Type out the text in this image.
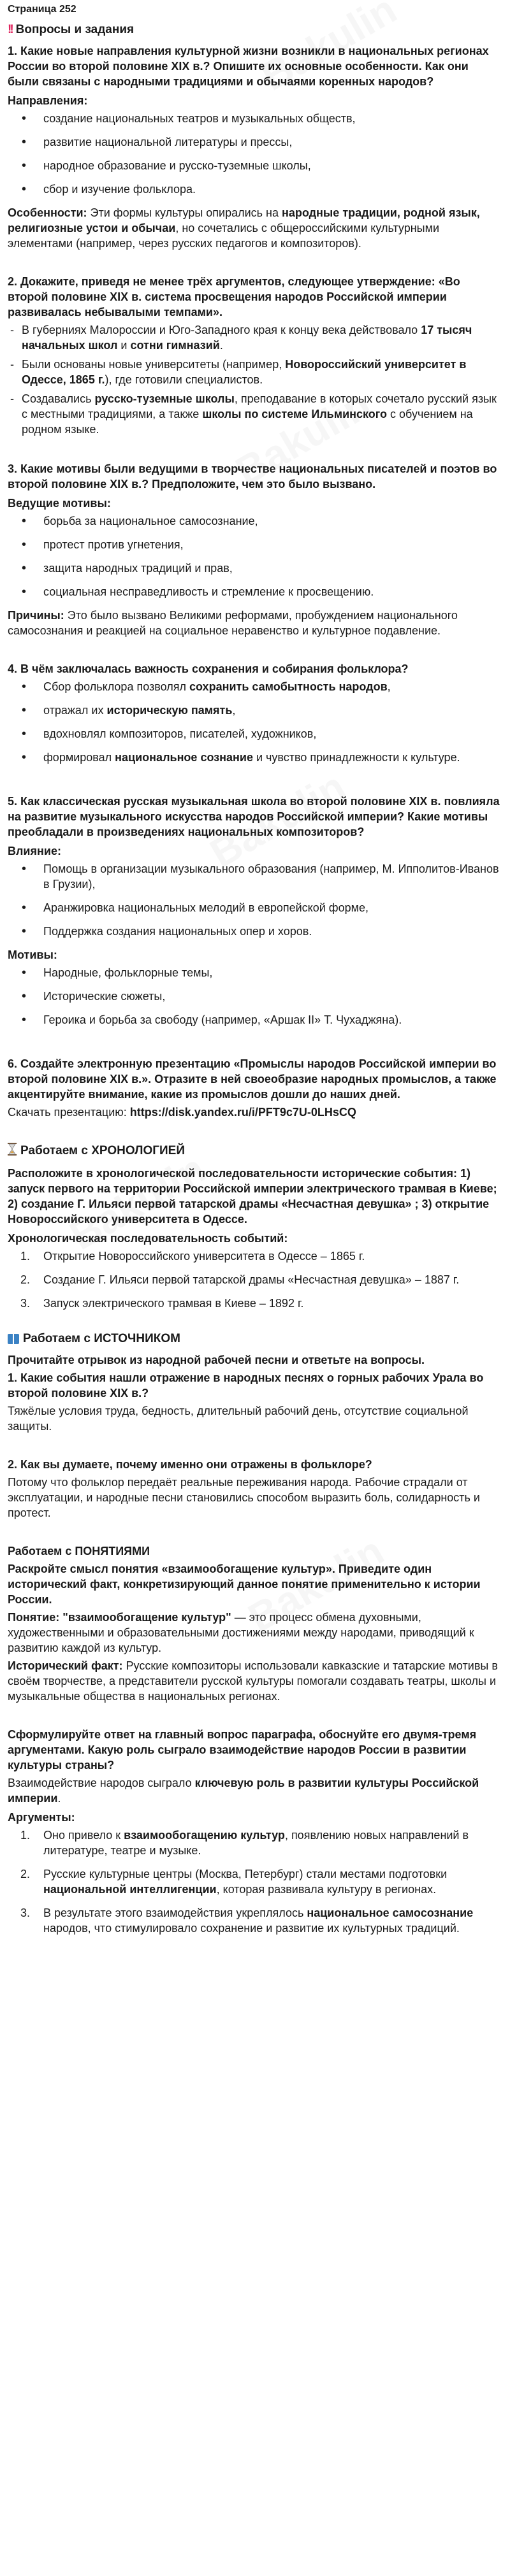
Страница 252
!! Вопросы и задания
1. Какие новые направления культурной жизни возникли в национальных регионах России во второй половине XIX в.? Опишите их основные особенности. Как они были связаны с народными традициями и обычаями коренных народов?
Направления:
• создание национальных театров и музыкальных обществ,
• развитие национальной литературы и прессы,
• народное образование и русско-туземные школы,
• сбор и изучение фольклора.
Особенности: Эти формы культуры опирались на народные традиции, родной язык, религиозные устои и обычаи, но сочетались с общероссийскими культурными элементами (например, через русских педагогов и композиторов).
2. Докажите, приведя не менее трёх аргументов, следующее утверждение: «Во второй половине XIX в. система просвещения народов Российской империи развивалась небывалыми темпами».
- В губерниях Малороссии и Юго-Западного края к концу века действовало 17 тысяч начальных школ и сотни гимназий.
- Были основаны новые университеты (например, Новороссийский университет в Одессе, 1865 г.), где готовили специалистов.
- Создавались русско-туземные школы, преподавание в которых сочетало русский язык с местными традициями, а также школы по системе Ильминского с обучением на родном языке.
3. Какие мотивы были ведущими в творчестве национальных писателей и поэтов во второй половине XIX в.? Предположите, чем это было вызвано.
Ведущие мотивы:
• борьба за национальное самосознание,
• протест против угнетения,
• защита народных традиций и прав,
• социальная несправедливость и стремление к просвещению.
Причины: Это было вызвано Великими реформами, пробуждением национального самосознания и реакцией на социальное неравенство и культурное подавление.
4. В чём заключалась важность сохранения и собирания фольклора?
• Сбор фольклора позволял сохранить самобытность народов,
• отражал их историческую память,
• вдохновлял композиторов, писателей, художников,
• формировал национальное сознание и чувство принадлежности к культуре.
5. Как классическая русская музыкальная школа во второй половине XIX в. повлияла на развитие музыкального искусства народов Российской империи? Какие мотивы преобладали в произведениях национальных композиторов?
Влияние:
• Помощь в организации музыкального образования (например, М. Ипполитов-Иванов в Грузии),
• Аранжировка национальных мелодий в европейской форме,
• Поддержка создания национальных опер и хоров.
Мотивы:
• Народные, фольклорные темы,
• Исторические сюжеты,
• Героика и борьба за свободу (например, «Аршак II» Т. Чухаджяна).
6. Создайте электронную презентацию «Промыслы народов Российской империи во второй половине XIX в.». Отразите в ней своеобразие народных промыслов, а также акцентируйте внимание, какие из промыслов дошли до наших дней.
Скачать презентацию: https://disk.yandex.ru/i/PFT9c7U-0LHsCQ
Работаем с ХРОНОЛОГИЕЙ
Расположите в хронологической последовательности исторические события: 1) запуск первого на территории Российской империи электрического трамвая в Киеве; 2) создание Г. Ильяси первой татарской драмы «Несчастная девушка» ; 3) открытие Новороссийского университета в Одессе.
Хронологическая последовательность событий:
1. Открытие Новороссийского университета в Одессе – 1865 г.
2. Создание Г. Ильяси первой татарской драмы «Несчастная девушка» – 1887 г.
3. Запуск электрического трамвая в Киеве – 1892 г.
Работаем с ИСТОЧНИКОМ
Прочитайте отрывок из народной рабочей песни и ответьте на вопросы.
1. Какие события нашли отражение в народных песнях о горных рабочих Урала во второй половине XIX в.?
Тяжёлые условия труда, бедность, длительный рабочий день, отсутствие социальной защиты.
2. Как вы думаете, почему именно они отражены в фольклоре?
Потому что фольклор передаёт реальные переживания народа. Рабочие страдали от эксплуатации, и народные песни становились способом выразить боль, солидарность и протест.
Работаем с ПОНЯТИЯМИ
Раскройте смысл понятия «взаимообогащение культур». Приведите один исторический факт, конкретизирующий данное понятие применительно к истории России.
Понятие: "взаимообогащение культур" — это процесс обмена духовными, художественными и образовательными достижениями между народами, приводящий к развитию каждой из культур.
Исторический факт: Русские композиторы использовали кавказские и татарские мотивы в своём творчестве, а представители русской культуры помогали создавать театры, школы и музыкальные общества в национальных регионах.
Сформулируйте ответ на главный вопрос параграфа, обоснуйте его двумя-тремя аргументами. Какую роль сыграло взаимодействие народов России в развитии культуры страны?
Взаимодействие народов сыграло ключевую роль в развитии культуры Российской империи.
Аргументы:
1. Оно привело к взаимообогащению культур, появлению новых направлений в литературе, театре и музыке.
2. Русские культурные центры (Москва, Петербург) стали местами подготовки национальной интеллигенции, которая развивала культуру в регионах.
3. В результате этого взаимодействия укреплялось национальное самосознание народов, что стимулировало сохранение и развитие их культурных традиций.
